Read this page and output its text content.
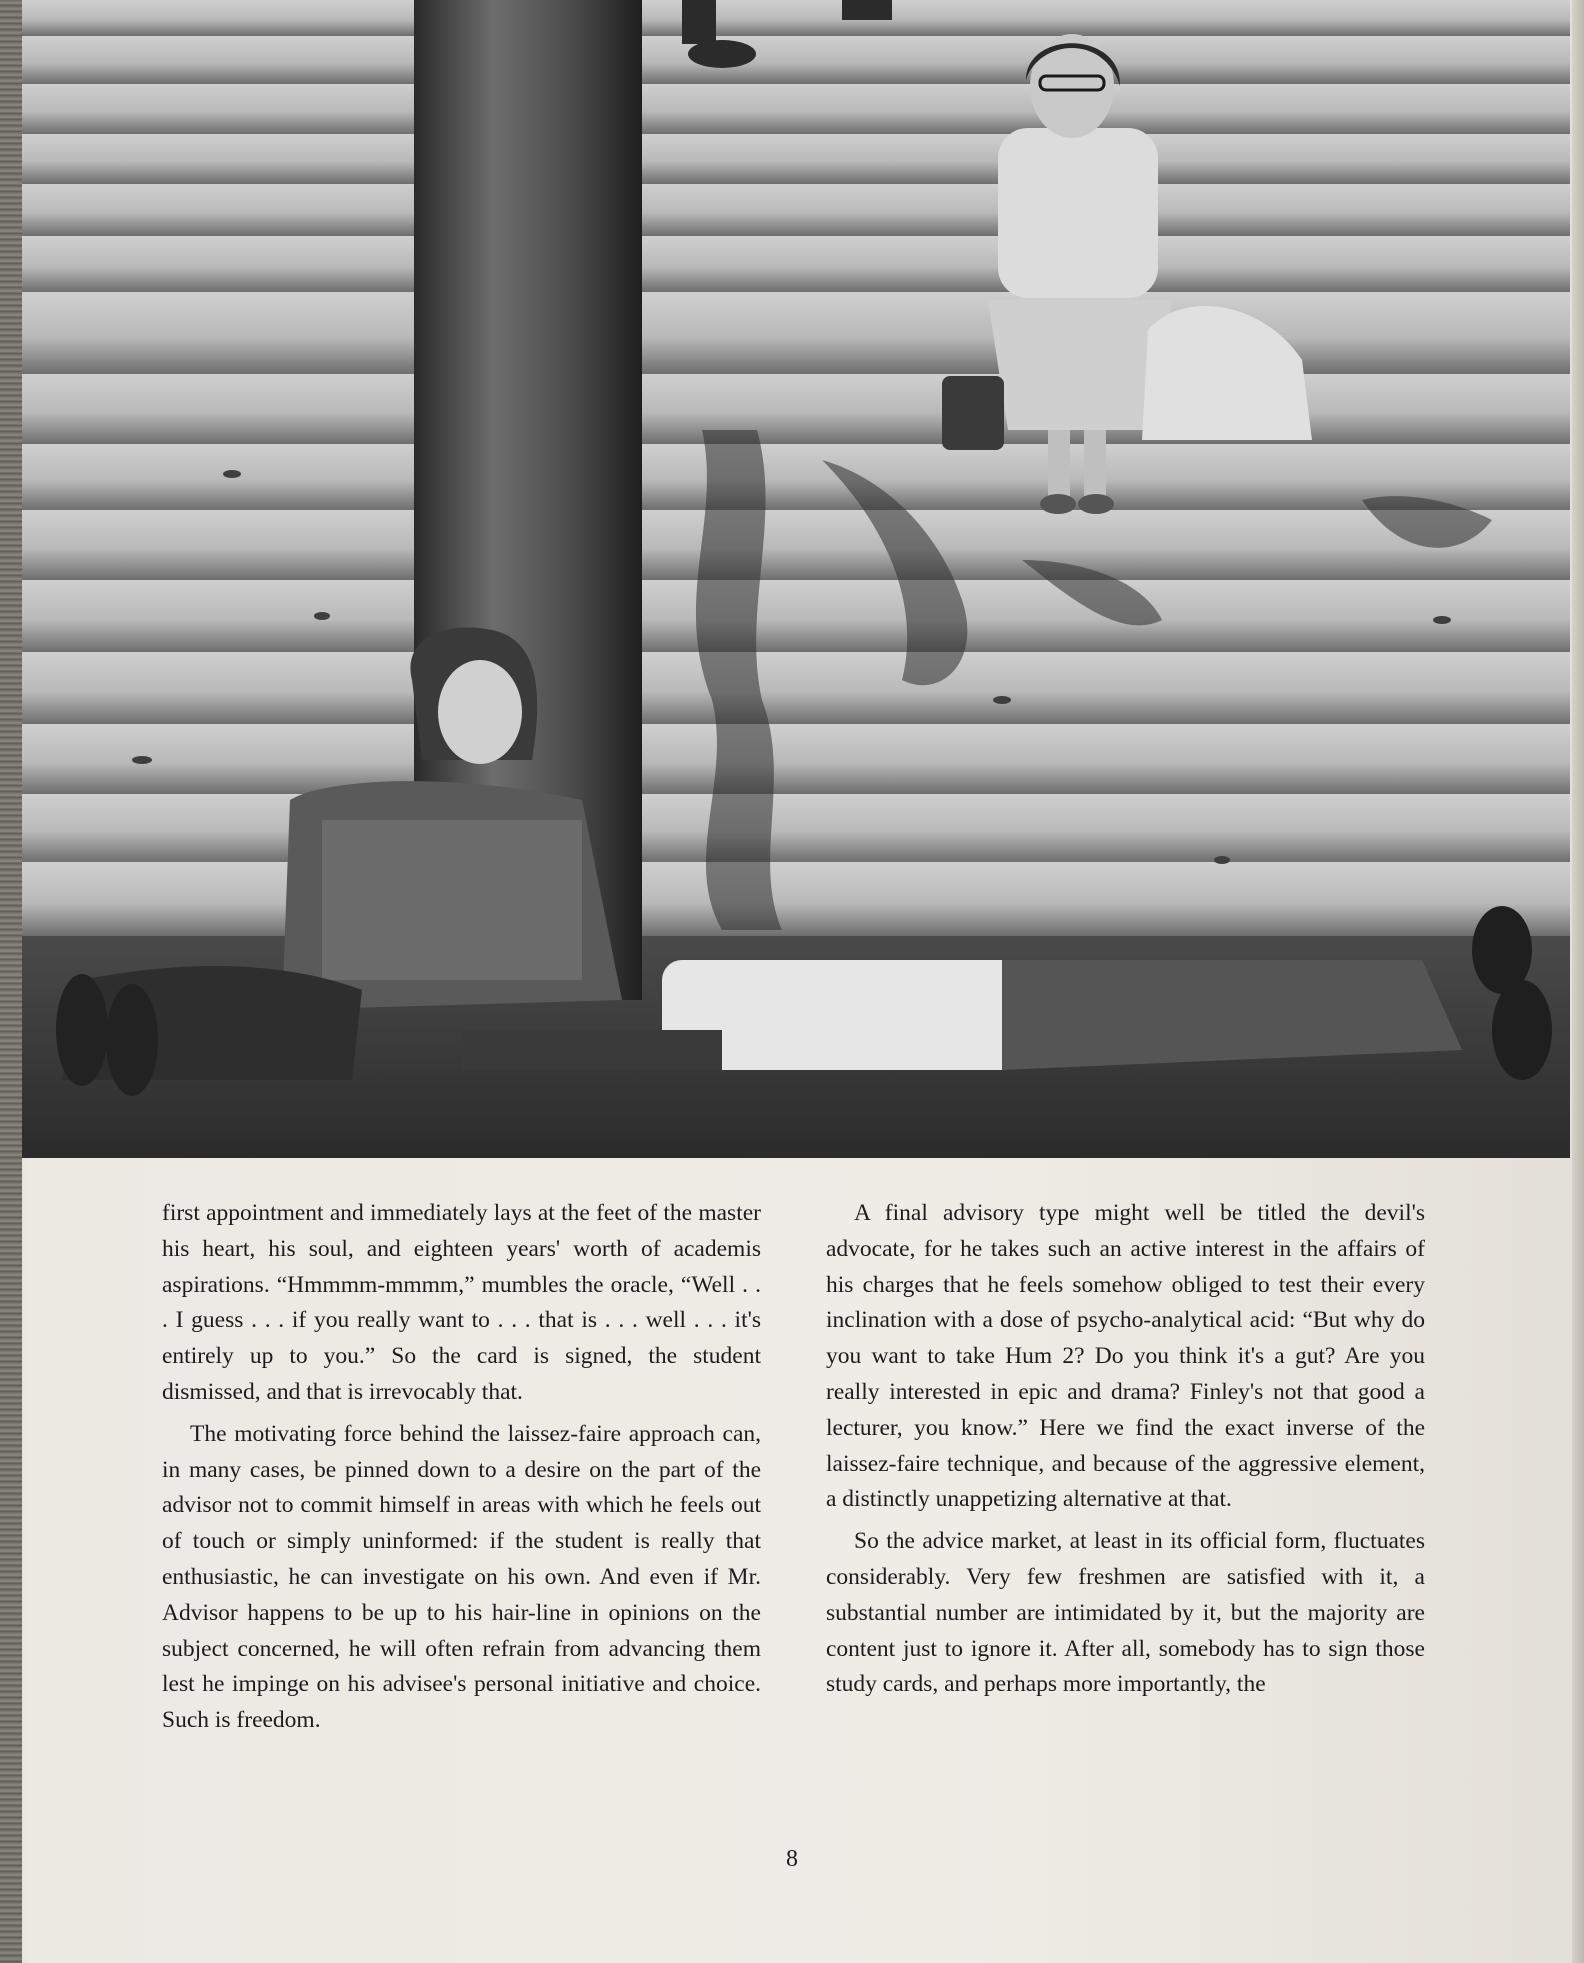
first appointment and immediately lays at the feet of the master his heart, his soul, and eighteen years' worth of academis aspirations. “Hmmmm-mmmm,” mumbles the oracle, “Well . . . I guess . . . if you really want to . . . that is . . . well . . . it's entirely up to you.” So the card is signed, the student dismissed, and that is irrevocably that.

The motivating force behind the laissez-faire approach can, in many cases, be pinned down to a desire on the part of the advisor not to commit himself in areas with which he feels out of touch or simply uninformed: if the student is really that enthusiastic, he can investigate on his own. And even if Mr. Advisor happens to be up to his hair-line in opinions on the subject concerned, he will often refrain from advancing them lest he impinge on his advisee's personal initiative and choice. Such is freedom.

A final advisory type might well be titled the devil's advocate, for he takes such an active interest in the affairs of his charges that he feels somehow obliged to test their every inclination with a dose of psycho-analytical acid: “But why do you want to take Hum 2? Do you think it's a gut? Are you really interested in epic and drama? Finley's not that good a lecturer, you know.” Here we find the exact inverse of the laissez-faire technique, and because of the aggressive element, a distinctly unappetizing alternative at that.

So the advice market, at least in its official form, fluctuates considerably. Very few freshmen are satisfied with it, a substantial number are intimidated by it, but the majority are content just to ignore it. After all, somebody has to sign those study cards, and perhaps more importantly, the

8
